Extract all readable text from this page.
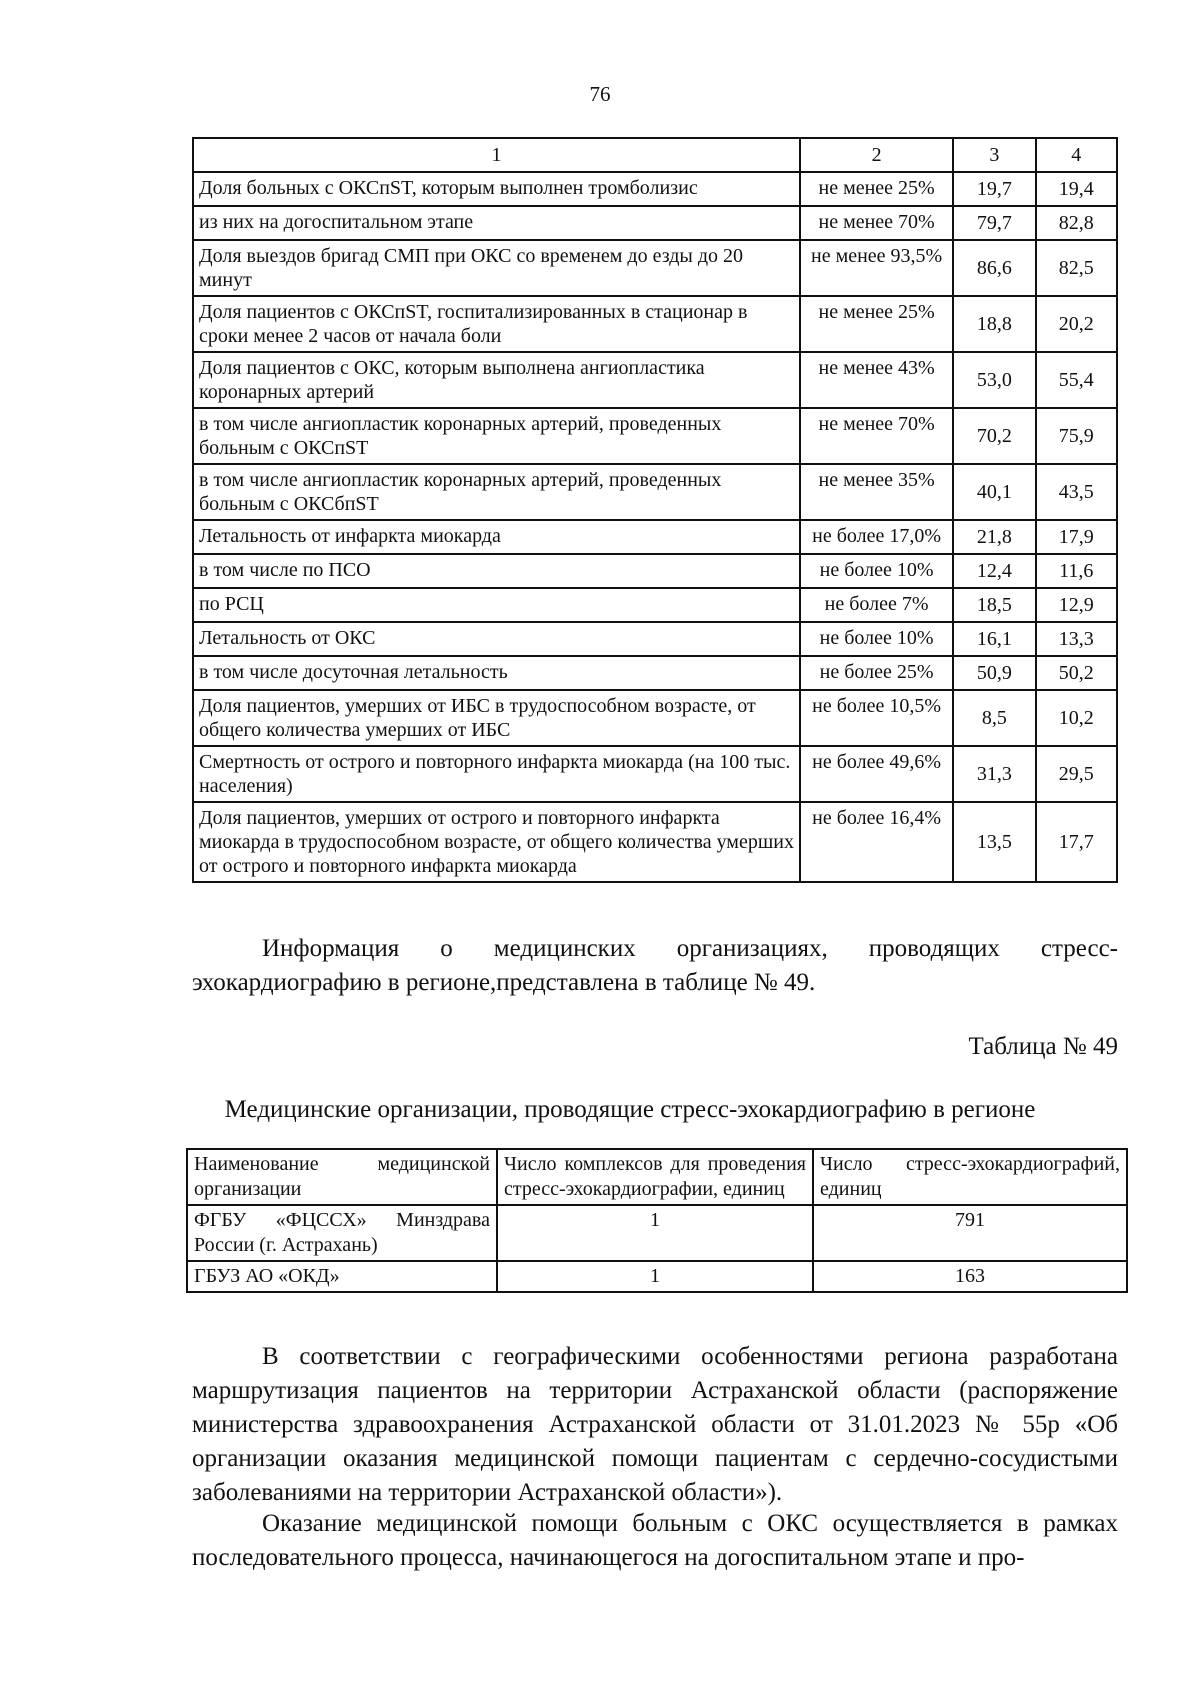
76
1	2	3	4
Доля больных с ОКСпST, которым выполнен тромболизис	не менее 25%	19,7	19,4
из них на догоспитальном этапе	не менее 70%	79,7	82,8
Доля выездов бригад СМП при ОКС со временем до езды до 20 минут	не менее 93,5%	86,6	82,5
Доля пациентов с ОКСпST, госпитализированных в стационар в сроки менее 2 часов от начала боли	не менее 25%	18,8	20,2
Доля пациентов с ОКС, которым выполнена ангиопластика коронарных артерий	не менее 43%	53,0	55,4
в том числе ангиопластик коронарных артерий, проведенных больным с ОКСпST	не менее 70%	70,2	75,9
в том числе ангиопластик коронарных артерий, проведенных больным с ОКСбпST	не менее 35%	40,1	43,5
Летальность от инфаркта миокарда	не более 17,0%	21,8	17,9
в том числе по ПСО	не более 10%	12,4	11,6
по РСЦ	не более 7%	18,5	12,9
Летальность от ОКС	не более 10%	16,1	13,3
в том числе досуточная летальность	не более 25%	50,9	50,2
Доля пациентов, умерших от ИБС в трудоспособном возрасте, от общего количества умерших от ИБС	не более 10,5%	8,5	10,2
Смертность от острого и повторного инфаркта миокарда (на 100 тыс. населения)	не более 49,6%	31,3	29,5
Доля пациентов, умерших от острого и повторного инфаркта миокарда в трудоспособном возрасте, от общего количества умерших от острого и повторного инфаркта миокарда	не более 16,4%	13,5	17,7

Информация о медицинских организациях, проводящих стресс-эхокардиографию в регионе,представлена в таблице № 49.

Таблица № 49
Медицинские организации, проводящие стресс-эхокардиографию в регионе
Наименование медицинской организации	Число комплексов для проведения стресс-эхокардиографии, единиц	Число стресс-эхокардиографий, единиц
ФГБУ «ФЦССХ» Минздрава России (г. Астрахань)	1	791
ГБУЗ АО «ОКД»	1	163

В соответствии с географическими особенностями региона разработана маршрутизация пациентов на территории Астраханской области (распоряжение министерства здравоохранения Астраханской области от 31.01.2023 № 55р «Об организации оказания медицинской помощи пациентам с сердечно-сосудистыми заболеваниями на территории Астраханской области»).

Оказание медицинской помощи больным с ОКС осуществляется в рамках последовательного процесса, начинающегося на догоспитальном этапе и про-
